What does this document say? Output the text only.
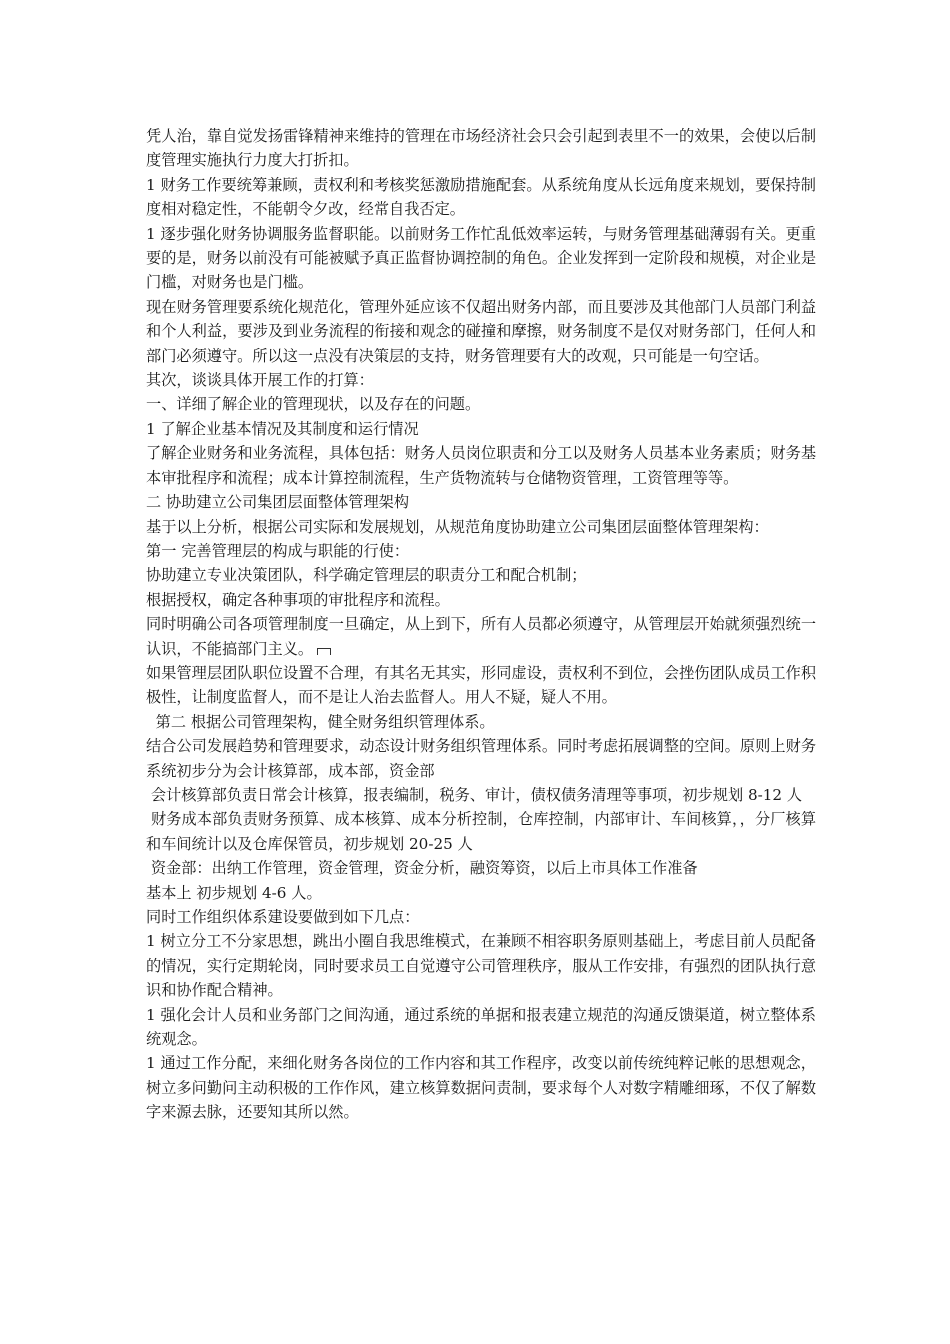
凭人治，靠自觉发扬雷锋精神来维持的管理在市场经济社会只会引起到表里不一的效果，会使以后制度管理实施执行力度大打折扣。

1 财务工作要统筹兼顾，责权利和考核奖惩激励措施配套。从系统角度从长远角度来规划，要保持制度相对稳定性，不能朝令夕改，经常自我否定。

1 逐步强化财务协调服务监督职能。以前财务工作忙乱低效率运转，与财务管理基础薄弱有关。更重要的是，财务以前没有可能被赋予真正监督协调控制的角色。企业发挥到一定阶段和规模，对企业是门槛，对财务也是门槛。

现在财务管理要系统化规范化，管理外延应该不仅超出财务内部，而且要涉及其他部门人员部门利益和个人利益，要涉及到业务流程的衔接和观念的碰撞和摩擦，财务制度不是仅对财务部门，任何人和部门必须遵守。所以这一点没有决策层的支持，财务管理要有大的改观，只可能是一句空话。

其次，谈谈具体开展工作的打算：

一、详细了解企业的管理现状，以及存在的问题。

1 了解企业基本情况及其制度和运行情况

了解企业财务和业务流程，具体包括：财务人员岗位职责和分工以及财务人员基本业务素质；财务基本审批程序和流程；成本计算控制流程，生产货物流转与仓储物资管理，工资管理等等。

二 协助建立公司集团层面整体管理架构

基于以上分析，根据公司实际和发展规划，从规范角度协助建立公司集团层面整体管理架构：

第一 完善管理层的构成与职能的行使：

协助建立专业决策团队，科学确定管理层的职责分工和配合机制；

根据授权，确定各种事项的审批程序和流程。

同时明确公司各项管理制度一旦确定，从上到下，所有人员都必须遵守，从管理层开始就须强烈统一认识，不能搞部门主义。

如果管理层团队职位设置不合理，有其名无其实，形同虚设，责权利不到位，会挫伤团队成员工作积极性，让制度监督人，而不是让人治去监督人。用人不疑，疑人不用。

第二 根据公司管理架构，健全财务组织管理体系。

结合公司发展趋势和管理要求，动态设计财务组织管理体系。同时考虑拓展调整的空间。原则上财务系统初步分为会计核算部，成本部，资金部

会计核算部负责日常会计核算，报表编制，税务、审计，债权债务清理等事项，初步规划 8-12 人

财务成本部负责财务预算、成本核算、成本分析控制，仓库控制，内部审计、车间核算，，分厂核算和车间统计以及仓库保管员，初步规划 20-25 人

资金部：出纳工作管理，资金管理，资金分析，融资筹资，以后上市具体工作准备

基本上 初步规划 4-6 人。

同时工作组织体系建设要做到如下几点：

1 树立分工不分家思想，跳出小圈自我思维模式，在兼顾不相容职务原则基础上，考虑目前人员配备的情况，实行定期轮岗，同时要求员工自觉遵守公司管理秩序，服从工作安排，有强烈的团队执行意识和协作配合精神。

1 强化会计人员和业务部门之间沟通，通过系统的单据和报表建立规范的沟通反馈渠道，树立整体系统观念。

1 通过工作分配，来细化财务各岗位的工作内容和其工作程序，改变以前传统纯粹记帐的思想观念，树立多问勤问主动积极的工作作风，建立核算数据问责制，要求每个人对数字精雕细琢，不仅了解数字来源去脉，还要知其所以然。
